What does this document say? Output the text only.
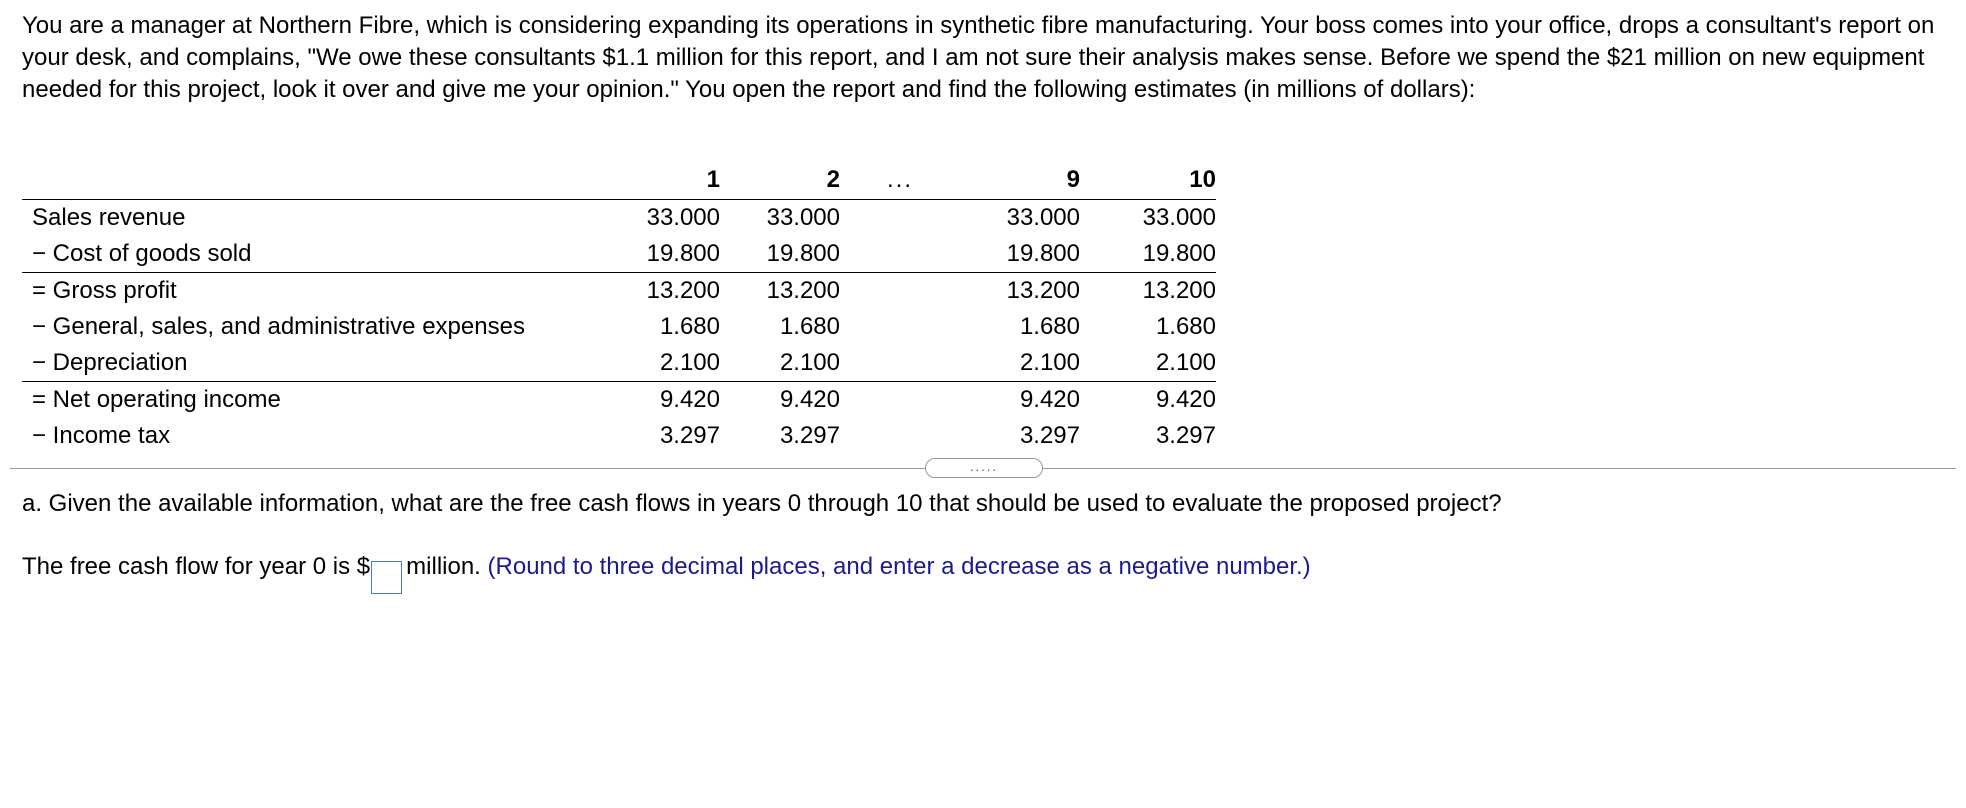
You are a manager at Northern Fibre, which is considering expanding its operations in synthetic fibre manufacturing. Your boss comes into your office, drops a consultant's report on your desk, and complains, "We owe these consultants $1.1 million for this report, and I am not sure their analysis makes sense. Before we spend the $21 million on new equipment needed for this project, look it over and give me your opinion." You open the report and find the following estimates (in millions of dollars):

	1	2	...	9	10
Sales revenue	33.000	33.000		33.000	33.000
− Cost of goods sold	19.800	19.800		19.800	19.800
= Gross profit	13.200	13.200		13.200	13.200
− General, sales, and administrative expenses	1.680	1.680		1.680	1.680
− Depreciation	2.100	2.100		2.100	2.100
= Net operating income	9.420	9.420		9.420	9.420
− Income tax	3.297	3.297		3.297	3.297
.....

a. Given the available information, what are the free cash flows in years 0 through 10 that should be used to evaluate the proposed project?

The free cash flow for year 0 is $ million. (Round to three decimal places, and enter a decrease as a negative number.)
